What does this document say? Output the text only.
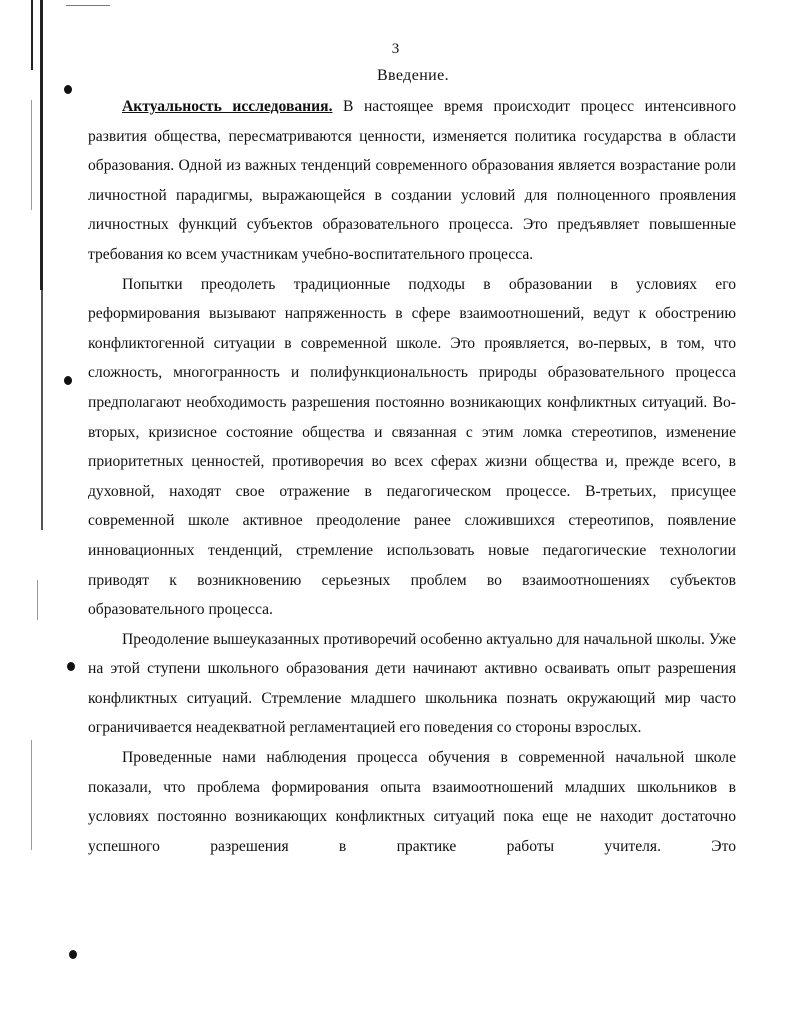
3
Введение.

Актуальность исследования. В настоящее время происходит процесс интенсивного развития общества, пересматриваются ценности, изменяется политика государства в области образования. Одной из важных тенденций современного образования является возрастание роли личностной парадигмы, выражающейся в создании условий для полноценного проявления личностных функций субъектов образовательного процесса. Это предъявляет повышенные требования ко всем участникам учебно-воспитательного процесса.

Попытки преодолеть традиционные подходы в образовании в условиях его реформирования вызывают напряженность в сфере взаимоотношений, ведут к обострению конфликтогенной ситуации в современной школе. Это проявляется, во-первых, в том, что сложность, многогранность и полифункциональность природы образовательного процесса предполагают необходимость разрешения постоянно возникающих конфликтных ситуаций. Во-вторых, кризисное состояние общества и связанная с этим ломка стереотипов, изменение приоритетных ценностей, противоречия во всех сферах жизни общества и, прежде всего, в духовной, находят свое отражение в педагогическом процессе. В-третьих, присущее современной школе активное преодоление ранее сложившихся стереотипов, появление инновационных тенденций, стремление использовать новые педагогические технологии приводят к возникновению серьезных проблем во взаимоотношениях субъектов образовательного процесса.

Преодоление вышеуказанных противоречий особенно актуально для начальной школы. Уже на этой ступени школьного образования дети начинают активно осваивать опыт разрешения конфликтных ситуаций. Стремление младшего школьника познать окружающий мир часто ограничивается неадекватной регламентацией его поведения со стороны взрослых.

Проведенные нами наблюдения процесса обучения в современной начальной школе показали, что проблема формирования опыта взаимоотношений младших школьников в условиях постоянно возникающих конфликтных ситуаций пока еще не находит достаточно успешного разрешения в практике работы учителя. Это
